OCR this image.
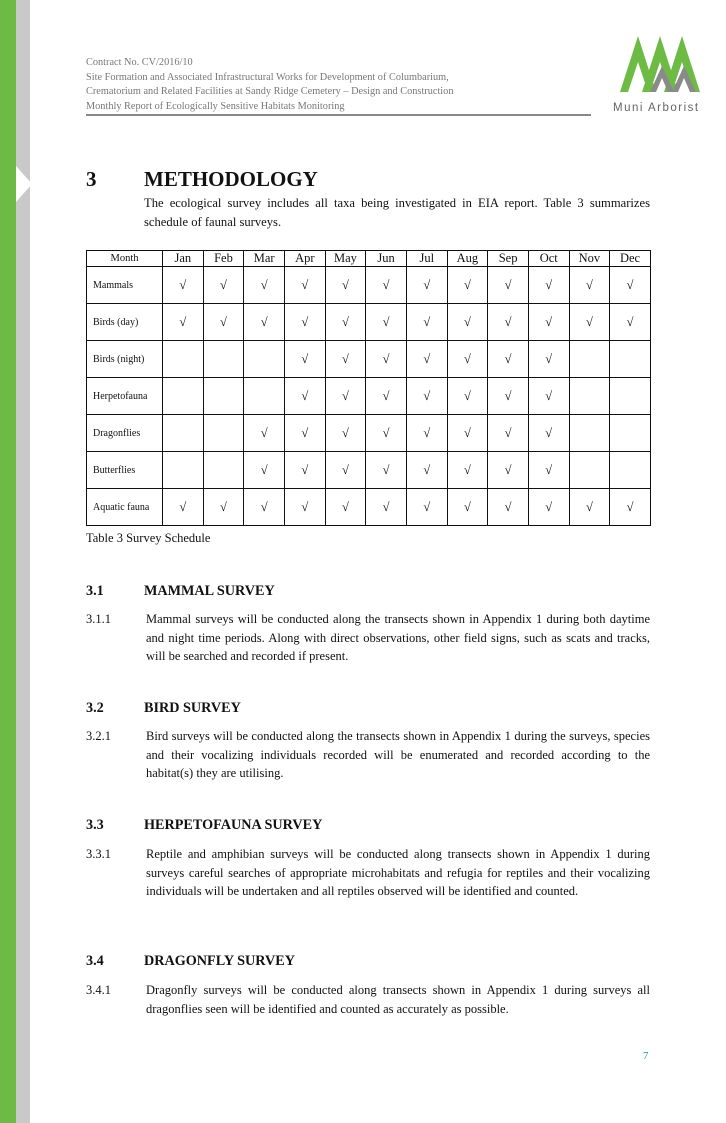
Contract No. CV/2016/10
Site Formation and Associated Infrastructural Works for Development of Columbarium,
Crematorium and Related Facilities at Sandy Ridge Cemetery – Design and Construction
Monthly Report of Ecologically Sensitive Habitats Monitoring	Muni Arborist
3 METHODOLOGY
The ecological survey includes all taxa being investigated in EIA report. Table 3 summarizes schedule of faunal surveys.
Month	Jan	Feb	Mar	Apr	May	Jun	Jul	Aug	Sep	Oct	Nov	Dec
Mammals	√	√	√	√	√	√	√	√	√	√	√	√
Birds (day)	√	√	√	√	√	√	√	√	√	√	√	√
Birds (night)				√	√	√	√	√	√	√		
Herpetofauna				√	√	√	√	√	√	√		
Dragonflies			√	√	√	√	√	√	√	√		
Butterflies			√	√	√	√	√	√	√	√		
Aquatic fauna	√	√	√	√	√	√	√	√	√	√	√	√
Table 3 Survey Schedule
3.1	MAMMAL SURVEY
3.1.1	Mammal surveys will be conducted along the transects shown in Appendix 1 during both daytime and night time periods. Along with direct observations, other field signs, such as scats and tracks, will be searched and recorded if present.
3.2	BIRD SURVEY
3.2.1	Bird surveys will be conducted along the transects shown in Appendix 1 during the surveys, species and their vocalizing individuals recorded will be enumerated and recorded according to the habitat(s) they are utilising.
3.3	HERPETOFAUNA SURVEY
3.3.1	Reptile and amphibian surveys will be conducted along transects shown in Appendix 1 during surveys careful searches of appropriate microhabitats and refugia for reptiles and their vocalizing individuals will be undertaken and all reptiles observed will be identified and counted.
3.4	DRAGONFLY SURVEY
3.4.1	Dragonfly surveys will be conducted along transects shown in Appendix 1 during surveys all dragonflies seen will be identified and counted as accurately as possible.
7
